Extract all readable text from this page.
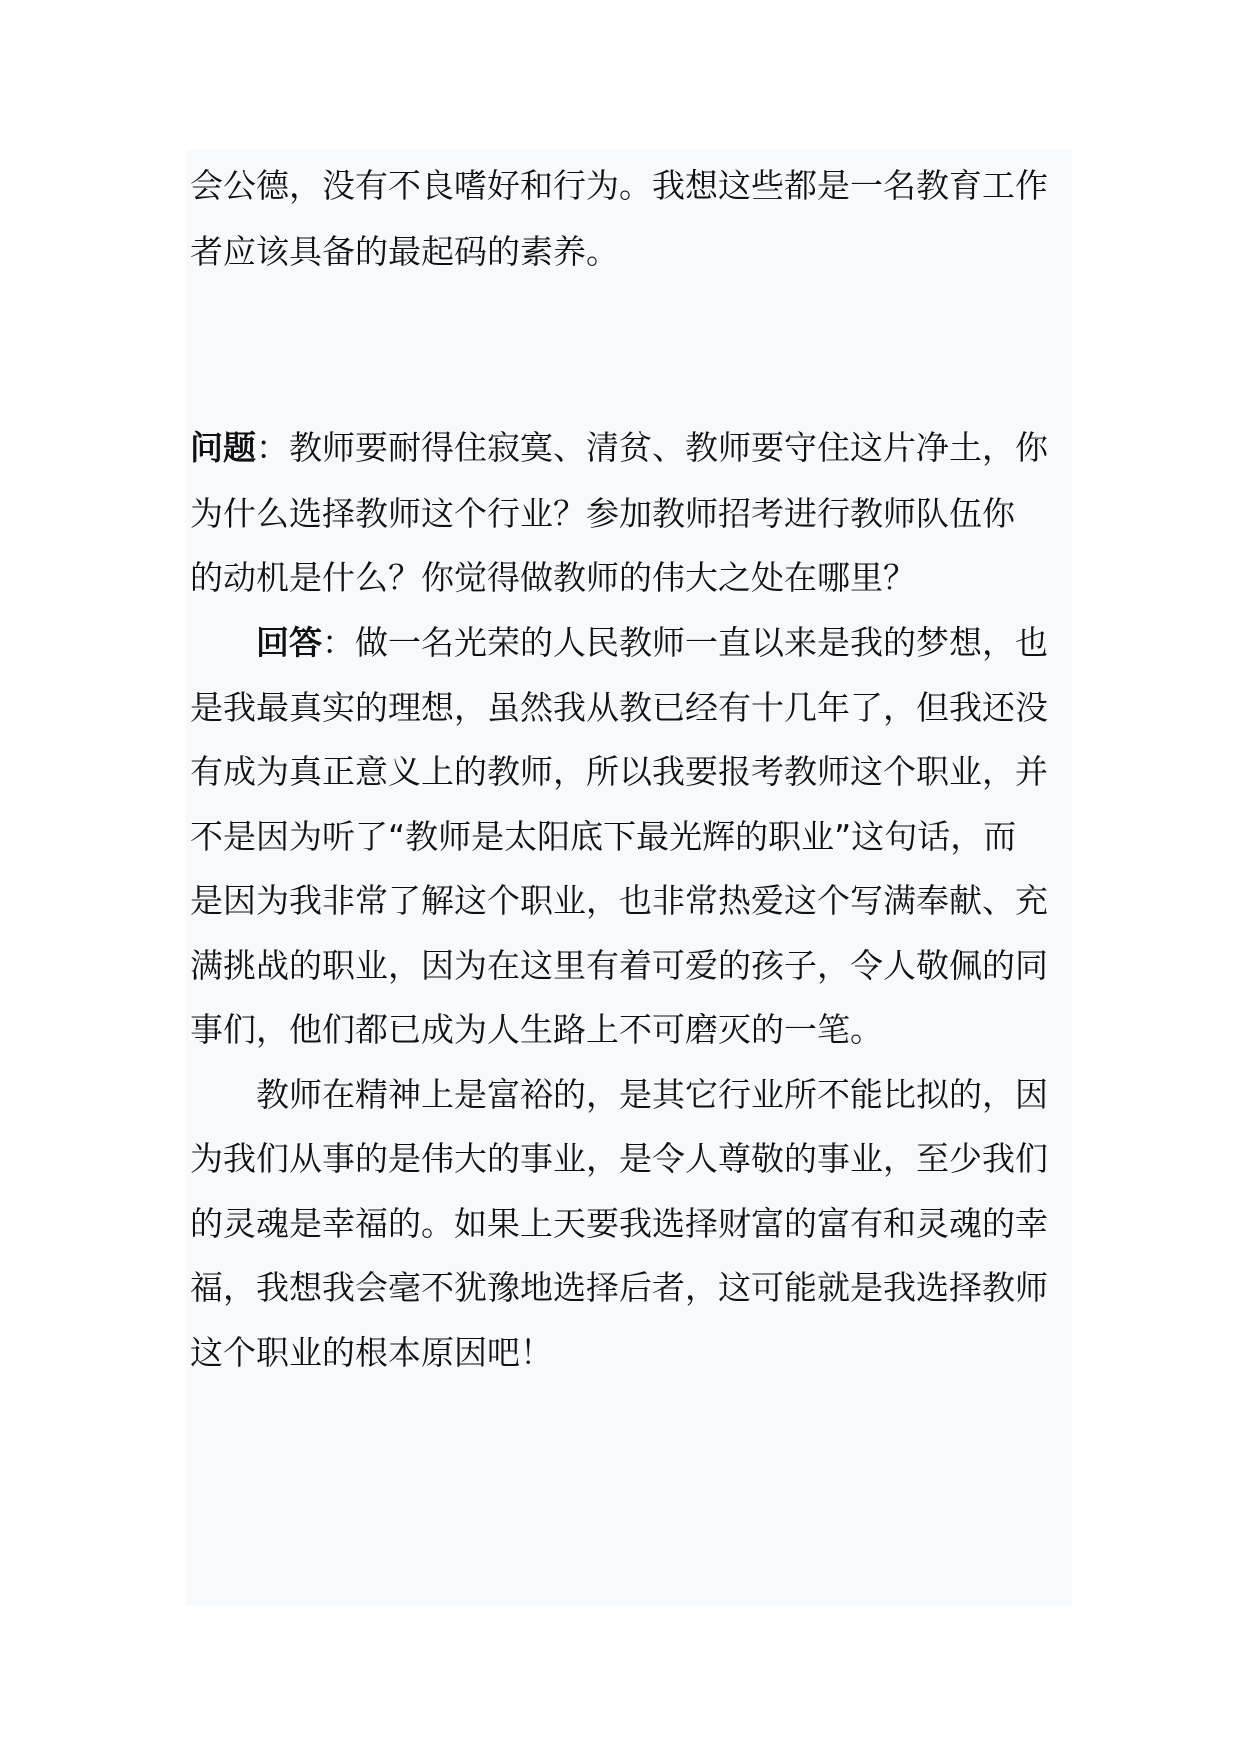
会公德，没有不良嗜好和行为。我想这些都是一名教育工作
者应该具备的最起码的素养。
问题：教师要耐得住寂寞、清贫、教师要守住这片净土，你
为什么选择教师这个行业？参加教师招考进行教师队伍你
的动机是什么？你觉得做教师的伟大之处在哪里？
回答：做一名光荣的人民教师一直以来是我的梦想，也
是我最真实的理想，虽然我从教已经有十几年了，但我还没
有成为真正意义上的教师，所以我要报考教师这个职业，并
不是因为听了“教师是太阳底下最光辉的职业”这句话，而
是因为我非常了解这个职业，也非常热爱这个写满奉献、充
满挑战的职业，因为在这里有着可爱的孩子，令人敬佩的同
事们，他们都已成为人生路上不可磨灭的一笔。
教师在精神上是富裕的，是其它行业所不能比拟的，因
为我们从事的是伟大的事业，是令人尊敬的事业，至少我们
的灵魂是幸福的。如果上天要我选择财富的富有和灵魂的幸
福，我想我会毫不犹豫地选择后者，这可能就是我选择教师
这个职业的根本原因吧！
